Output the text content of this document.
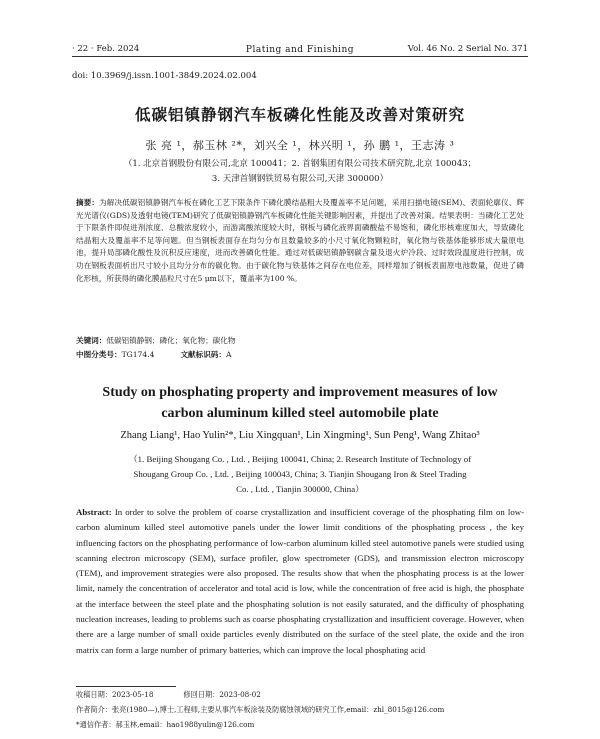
· 22 · Feb. 2024	Plating and Finishing	Vol. 46 No. 2 Serial No. 371
doi: 10.3969/j.issn.1001-3849.2024.02.004
低碳铝镇静钢汽车板磷化性能及改善对策研究
张 亮 ¹，郝玉林 ²*，刘兴全 ¹，林兴明 ¹，孙 鹏 ¹，王志涛 ³
（1. 北京首钢股份有限公司,北京 100041；2. 首钢集团有限公司技术研究院,北京 100043；
3. 天津首钢钢铁贸易有限公司,天津 300000）
摘要：为解决低碳铝镇静钢汽车板在磷化工艺下限条件下磷化膜结晶粗大及覆盖率不足问题，采用扫描电镜(SEM)、表面轮廓仪、辉光光谱仪(GDS)及透射电镜(TEM)研究了低碳铝镇静钢汽车板磷化性能关键影响因素，并提出了改善对策。结果表明：当磷化工艺处于下限条件即促进剂浓度、总酸浓度较小，而游离酸浓度较大时，钢板与磷化液界面磷酸盐不易饱和，磷化形核难度加大，导致磷化结晶粗大及覆盖率不足等问题。但当钢板表面存在均匀分布且数量较多的小尺寸氧化物颗粒时，氧化物与铁基体能够形成大量原电池，提升局部磷化酸性及沉积反应速度，进而改善磷化性能。通过对低碳铝镇静钢碳含量及退火炉冷段、过时效段温度进行控制，成功在钢板表面析出尺寸较小且均分分布的碳化物。由于碳化物与铁基体之间存在电位差，同样增加了钢板表面原电池数量，促进了磷化形核，所获得的磷化膜晶粒尺寸在5 μm以下，覆盖率为100 %。
关键词：低碳铝镇静钢；磷化；氧化物；碳化物
中图分类号：TG174.4	文献标识码：A
Study on phosphating property and improvement measures of low
carbon aluminum killed steel automobile plate
Zhang Liang¹, Hao Yulin²*, Liu Xingquan¹, Lin Xingming¹, Sun Peng¹, Wang Zhitao³
（1. Beijing Shougang Co. , Ltd. , Beijing 100041, China; 2. Research Institute of Technology of
Shougang Group Co. , Ltd. , Beijing 100043, China; 3. Tianjin Shougang Iron & Steel Trading
Co. , Ltd. , Tianjin 300000, China）
Abstract: In order to solve the problem of coarse crystallization and insufficient coverage of the phosphating film on low-carbon aluminum killed steel automotive panels under the lower limit conditions of the phosphating process , the key influencing factors on the phosphating performance of low-carbon aluminum killed steel automotive panels were studied using scanning electron microscopy (SEM), surface profiler, glow spectrometer (GDS), and transmission electron microscopy (TEM), and improvement strategies were also proposed. The results show that when the phosphating process is at the lower limit, namely the concentration of accelerator and total acid is low, while the concentration of free acid is high, the phosphate at the interface between the steel plate and the phosphating solution is not easily saturated, and the difficulty of phosphating nucleation increases, leading to problems such as coarse phosphating crystallization and insufficient coverage. However, when there are a large number of small oxide particles evenly distributed on the surface of the steel plate, the oxide and the iron matrix can form a large number of primary batteries, which can improve the local phosphating acid
收稿日期：2023-05-18	修回日期：2023-08-02
作者简介：张亮(1980—),博士,工程师,主要从事汽车板涂装及防腐蚀领域的研究工作,email：zhl_8015@126.com
*通信作者：郝玉林,email：hao1988yulin@126.com
